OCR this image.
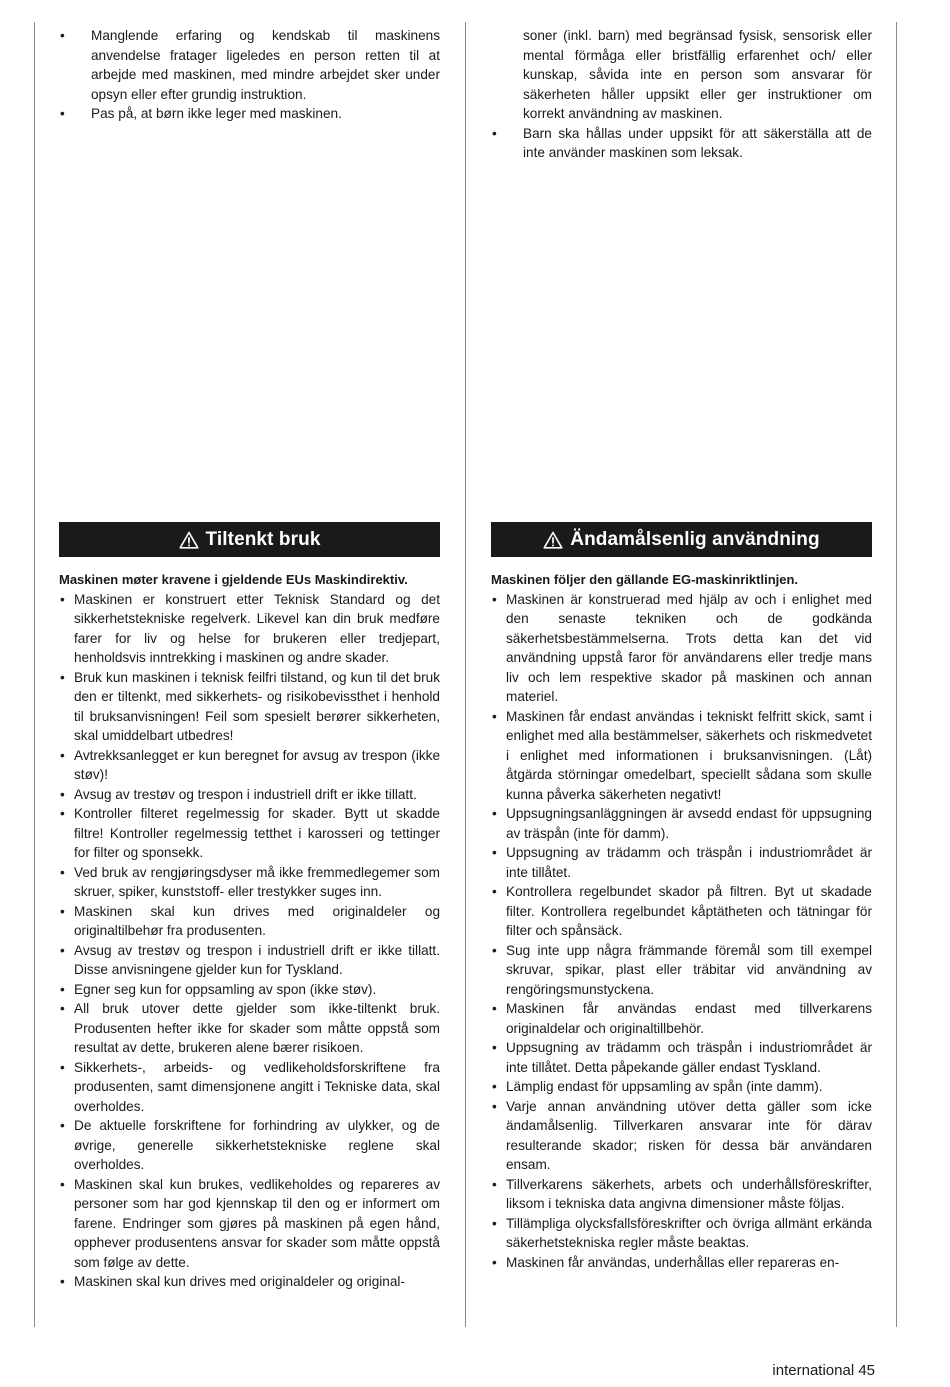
• Manglende erfaring og kendskab til maskinens anvendelse fratager ligeledes en person retten til at arbejde med maskinen, med mindre arbejdet sker under opsyn eller efter grundig instruktion.
• Pas på, at børn ikke leger med maskinen.
soner (inkl. barn) med begränsad fysisk, sensorisk eller mental förmåga eller bristfällig erfarenhet och/ eller kunskap, såvida inte en person som ansvarar för säkerheten håller uppsikt eller ger instruktioner om korrekt användning av maskinen.
• Barn ska hållas under uppsikt för att säkerställa att de inte använder maskinen som leksak.
Tiltenkt bruk	Ändamålsenlig användning

Maskinen møter kravene i gjeldende EUs Maskindirektiv.

• Maskinen er konstruert etter Teknisk Standard og det sikkerhetstekniske regelverk. Likevel kan din bruk medføre farer for liv og helse for brukeren eller tredjepart, henholdsvis inntrekking i maskinen og andre skader.
• Bruk kun maskinen i teknisk feilfri tilstand, og kun til det bruk den er tiltenkt, med sikkerhets- og risikobevissthet i henhold til bruksanvisningen! Feil som spesielt berører sikkerheten, skal umiddelbart utbedres!
• Avtrekksanlegget er kun beregnet for avsug av trespon (ikke støv)!
• Avsug av trestøv og trespon i industriell drift er ikke tillatt.
• Kontroller filteret regelmessig for skader. Bytt ut skadde filtre! Kontroller regelmessig tetthet i karosseri og tettinger for filter og sponsekk.
• Ved bruk av rengjøringsdyser må ikke fremmedlegemer som skruer, spiker, kunststoff- eller trestykker suges inn.
• Maskinen skal kun drives med originaldeler og originaltilbehør fra produsenten.
• Avsug av trestøv og trespon i industriell drift er ikke tillatt. Disse anvisningene gjelder kun for Tyskland.
• Egner seg kun for oppsamling av spon (ikke støv).
• All bruk utover dette gjelder som ikke-tiltenkt bruk. Produsenten hefter ikke for skader som måtte oppstå som resultat av dette, brukeren alene bærer risikoen.
• Sikkerhets-, arbeids- og vedlikeholdsforskriftene fra produsenten, samt dimensjonene angitt i Tekniske data, skal overholdes.
• De aktuelle forskriftene for forhindring av ulykker, og de øvrige, generelle sikkerhetstekniske reglene skal overholdes.
• Maskinen skal kun brukes, vedlikeholdes og repareres av personer som har god kjennskap til den og er informert om farene. Endringer som gjøres på maskinen på egen hånd, opphever produsentens ansvar for skader som måtte oppstå som følge av dette.
• Maskinen skal kun drives med originaldeler og original-

Maskinen följer den gällande EG-maskinriktlinjen.

• Maskinen är konstruerad med hjälp av och i enlighet med den senaste tekniken och de godkända säkerhetsbestämmelserna. Trots detta kan det vid användning uppstå faror för användarens eller tredje mans liv och lem respektive skador på maskinen och annan materiel.
• Maskinen får endast användas i tekniskt felfritt skick, samt i enlighet med alla bestämmelser, säkerhets och riskmedvetet i enlighet med informationen i bruksanvisningen. (Låt) åtgärda störningar omedelbart, speciellt sådana som skulle kunna påverka säkerheten negativt!
• Uppsugningsanläggningen är avsedd endast för uppsugning av träspån (inte för damm).
• Uppsugning av trädamm och träspån i industriområdet är inte tillåtet.
• Kontrollera regelbundet skador på filtren. Byt ut skadade filter. Kontrollera regelbundet kåptätheten och tätningar för filter och spånsäck.
• Sug inte upp några främmande föremål som till exempel skruvar, spikar, plast eller träbitar vid användning av rengöringsmunstyckena.
• Maskinen får användas endast med tillverkarens originaldelar och originaltillbehör.
• Uppsugning av trädamm och träspån i industriområdet är inte tillåtet. Detta påpekande gäller endast Tyskland.
• Lämplig endast för uppsamling av spån (inte damm).
• Varje annan användning utöver detta gäller som icke ändamålsenlig. Tillverkaren ansvarar inte för därav resulterande skador; risken för dessa bär användaren ensam.
• Tillverkarens säkerhets, arbets och underhållsföreskrifter, liksom i tekniska data angivna dimensioner måste följas.
• Tillämpliga olycksfallsföreskrifter och övriga allmänt erkända säkerhetstekniska regler måste beaktas.
• Maskinen får användas, underhållas eller repareras en-
international 45
